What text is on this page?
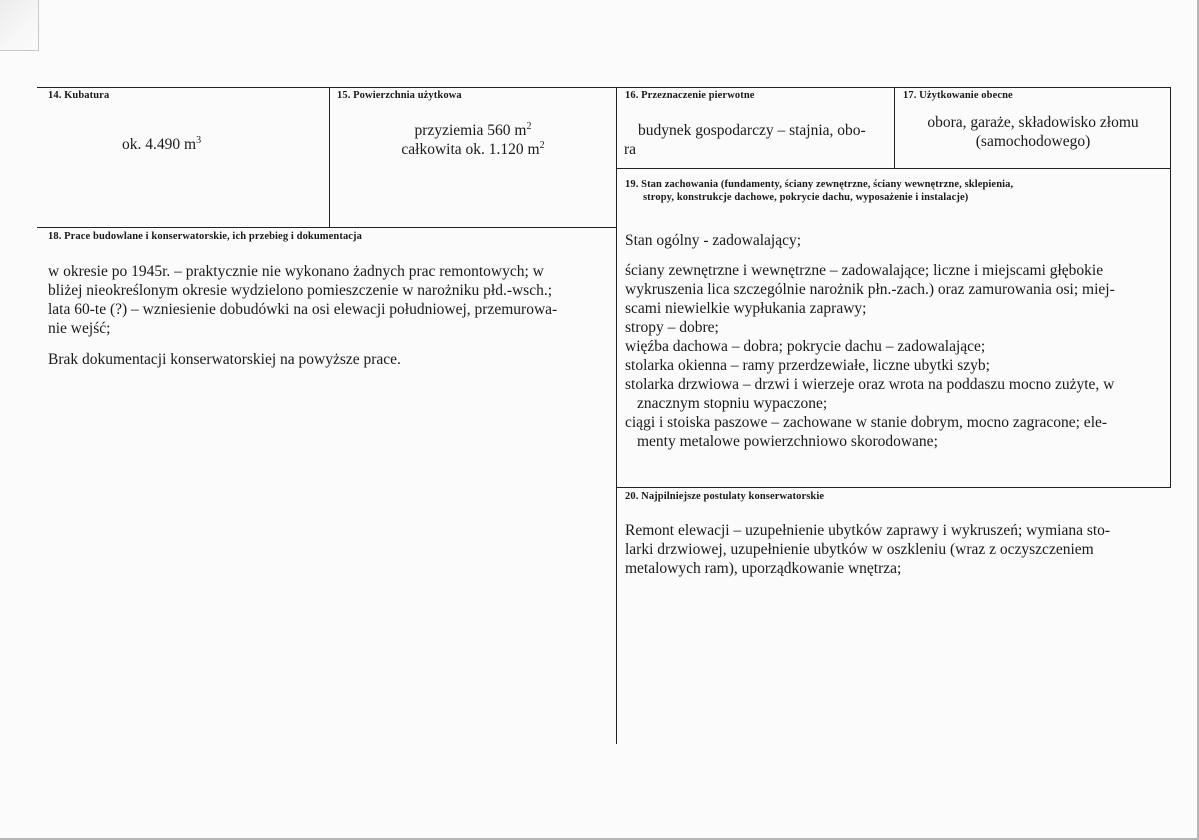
14. Kubatura
ok. 4.490 $m^3$
15. Powierzchnia użytkowa
przyziemia 560 $m^2$
całkowita ok. 1.120 $m^2$
16. Przeznaczenie pierwotne
budynek gospodarczy – stajnia, obo-
ra
17. Użytkowanie obecne
obora, garaże, składowisko złomu
(samochodowego)
18. Prace budowlane i konserwatorskie, ich przebieg i dokumentacja

w okresie po 1945r. – praktycznie nie wykonano żadnych prac remontowych; w

bliżej nieokreślonym okresie wydzielono pomieszczenie w narożniku płd.-wsch.;

lata 60-te (?) – wzniesienie dobudówki na osi elewacji południowej, przemurowa-

nie wejść;

Brak dokumentacji konserwatorskiej na powyższe prace.

19. Stan zachowania (fundamenty, ściany zewnętrzne, ściany wewnętrzne, sklepienia,
stropy, konstrukcje dachowe, pokrycie dachu, wyposażenie i instalacje)

Stan ogólny - zadowalający;

ściany zewnętrzne i wewnętrzne – zadowalające; liczne i miejscami głębokie

wykruszenia lica szczególnie narożnik płn.-zach.) oraz zamurowania osi; miej-

scami niewielkie wypłukania zaprawy;

stropy – dobre;

więźba dachowa – dobra; pokrycie dachu – zadowalające;

stolarka okienna – ramy przerdzewiałe, liczne ubytki szyb;

stolarka drzwiowa – drzwi i wierzeje oraz wrota na poddaszu mocno zużyte, w

znacznym stopniu wypaczone;

ciągi i stoiska paszowe – zachowane w stanie dobrym, mocno zagracone; ele-

menty metalowe powierzchniowo skorodowane;

20. Najpilniejsze postulaty konserwatorskie

Remont elewacji – uzupełnienie ubytków zaprawy i wykruszeń; wymiana sto-

larki drzwiowej, uzupełnienie ubytków w oszkleniu (wraz z oczyszczeniem

metalowych ram), uporządkowanie wnętrza;
